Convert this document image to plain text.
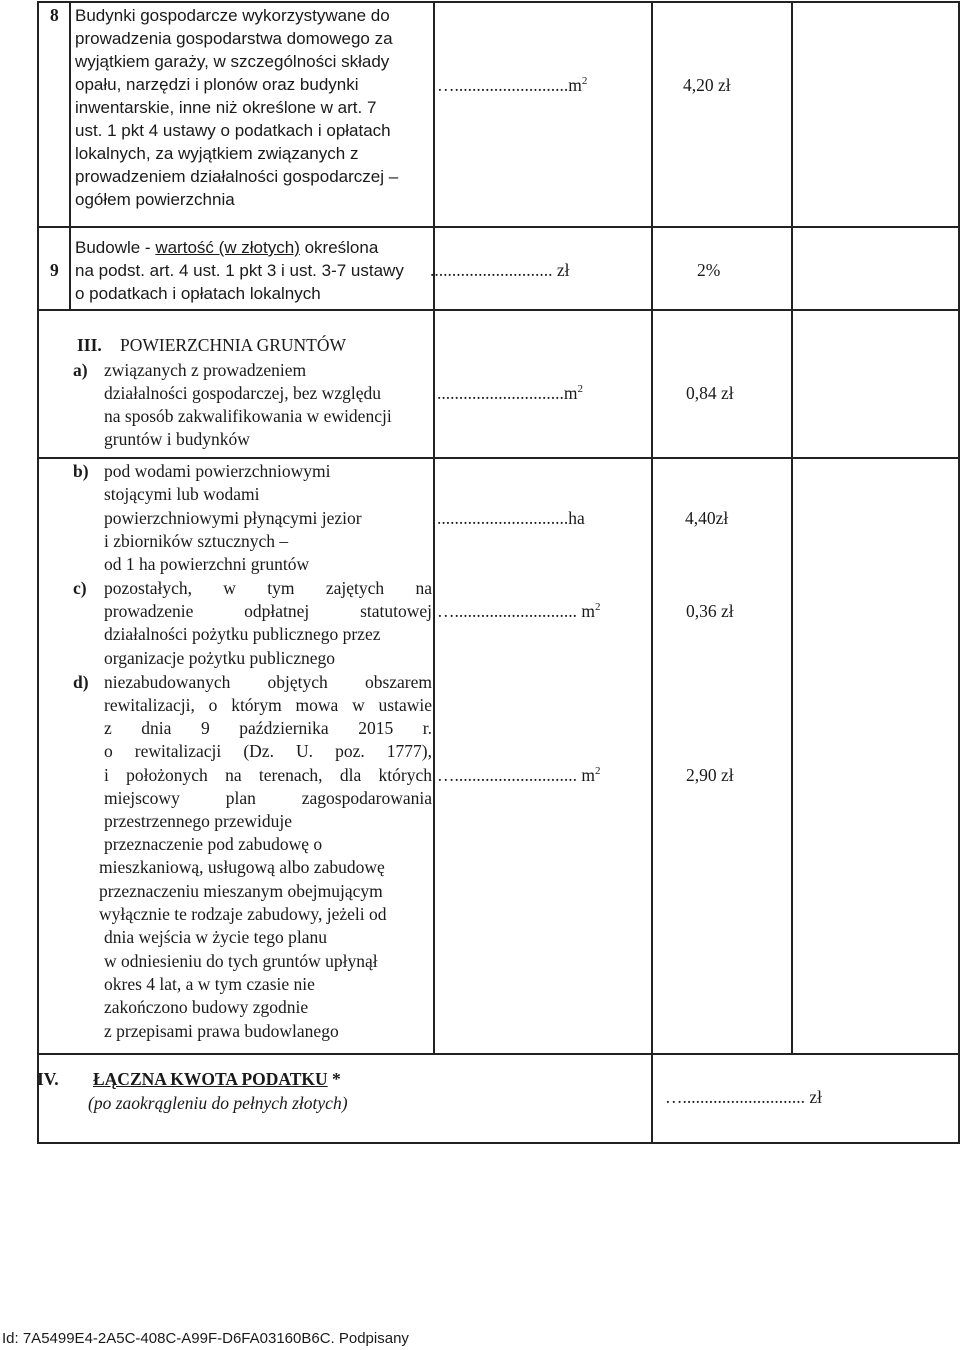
8 Budynki gospodarcze wykorzystywane do
prowadzenia gospodarstwa domowego za
wyjątkiem garaży, w szczególności składy
opału, narzędzi i plonów oraz budynki
inwentarskie, inne niż określone w art. 7
ust. 1 pkt 4 ustawy o podatkach i opłatach
lokalnych, za wyjątkiem związanych z
prowadzeniem działalności gospodarczej –
ogółem powierzchnia
$\dots..........................m^2$	4,20 zł
9
Budowle - wartość (w złotych) określona
na podst. art. 4 ust. 1 pkt 3 i ust. 3-7 ustawy
o podatkach i opłatach lokalnych
............................ zł	2%
III. POWIERZCHNIA GRUNTÓW
a) związanych z prowadzeniem
działalności gospodarczej, bez względu
na sposób zakwalifikowania w ewidencji
gruntów i budynków
$.............................m^2$	0,84 zł
b) pod wodami powierzchniowymi
stojącymi lub wodami
powierzchniowymi płynącymi jezior
i zbiorników sztucznych –
od 1 ha powierzchni gruntów
..............................ha	4,40zł
c) pozostałych, w tym zajętych na
prowadzenie odpłatnej statutowej
działalności pożytku publicznego przez
organizacje pożytku publicznego
…............................ $m^2$	0,36 zł
d) niezabudowanych objętych obszarem
rewitalizacji, o którym mowa w ustawie
z dnia 9 października 2015 r.
o rewitalizacji (Dz. U. poz. 1777),
i położonych na terenach, dla których
miejscowy plan zagospodarowania
przestrzennego przewiduje
przeznaczenie pod zabudowę o
mieszkaniową, usługową albo zabudowę
przeznaczeniu mieszanym obejmującym
wyłącznie te rodzaje zabudowy, jeżeli od
dnia wejścia w życie tego planu
w odniesieniu do tych gruntów upłynął
okres 4 lat, a w tym czasie nie
zakończono budowy zgodnie
z przepisami prawa budowlanego
…............................ $m^2$	2,90 zł
IV. ŁĄCZNA KWOTA PODATKU *
(po zaokrągleniu do pełnych złotych)	…............................ zł
Id: 7A5499E4-2A5C-408C-A99F-D6FA03160B6C. Podpisany
